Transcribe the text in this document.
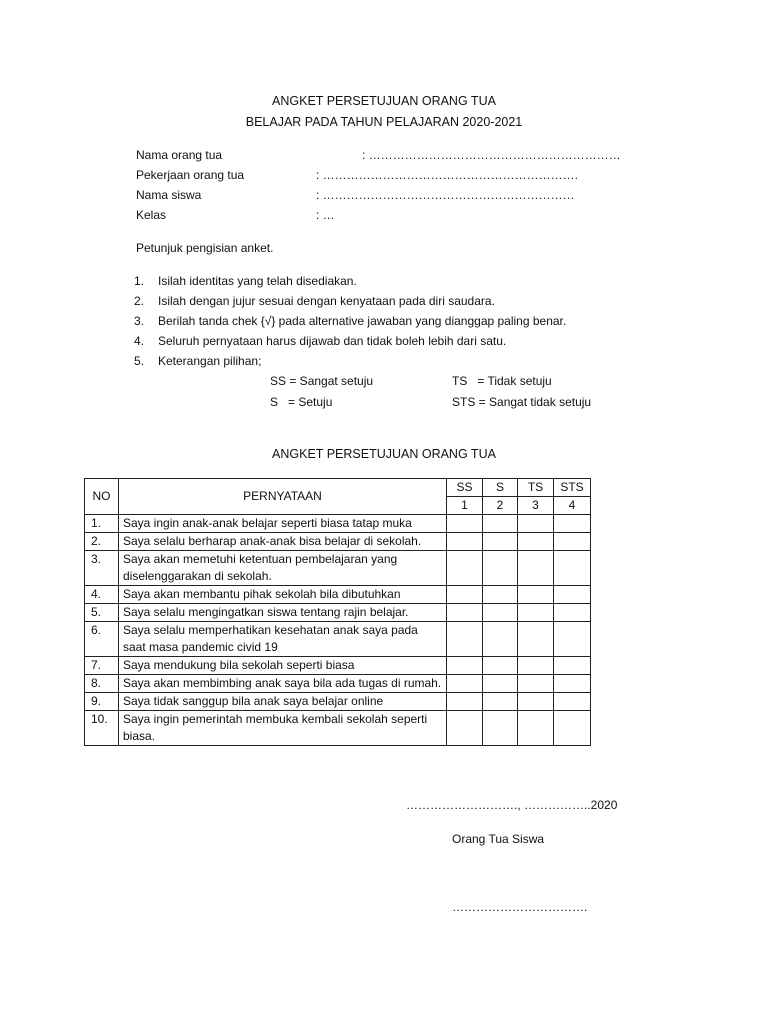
ANGKET PERSETUJUAN ORANG TUA
BELAJAR PADA TAHUN PELAJARAN 2020-2021
Nama orang tua	: ………………………………………………………
Pekerjaan orang tua	: ……………………………………………………….
Nama siswa	: ………………………………………………………
Kelas	: …
Petunjuk pengisian anket.
1. Isilah identitas yang telah disediakan.
2. Isilah dengan jujur sesuai dengan kenyataan pada diri saudara.
3. Berilah tanda chek {√} pada alternative jawaban yang dianggap paling benar.
4. Seluruh pernyataan harus dijawab dan tidak boleh lebih dari satu.
5. Keterangan pilihan;
SS = Sangat setuju	TS   = Tidak setuju
S   = Setuju	STS = Sangat tidak setuju
ANGKET PERSETUJUAN ORANG TUA
NO	PERNYATAAN	SS	S	TS	STS
		1	2	3	4
1.	Saya ingin anak-anak belajar seperti biasa tatap muka				
2.	Saya selalu berharap anak-anak bisa belajar di sekolah.				
3.	Saya akan memetuhi ketentuan pembelajaran yang diselenggarakan di sekolah.				
4.	Saya akan membantu pihak sekolah bila dibutuhkan				
5.	Saya selalu mengingatkan siswa tentang rajin belajar.				
6.	Saya selalu memperhatikan kesehatan anak saya pada saat masa pandemic civid 19				
7.	Saya mendukung bila sekolah seperti biasa				
8.	Saya akan membimbing anak saya bila ada tugas di rumah.				
9.	Saya tidak sanggup bila anak saya belajar online				
10.	Saya ingin pemerintah membuka kembali sekolah seperti biasa.				
………………………., ……………..2020
Orang Tua Siswa
…………………………….
